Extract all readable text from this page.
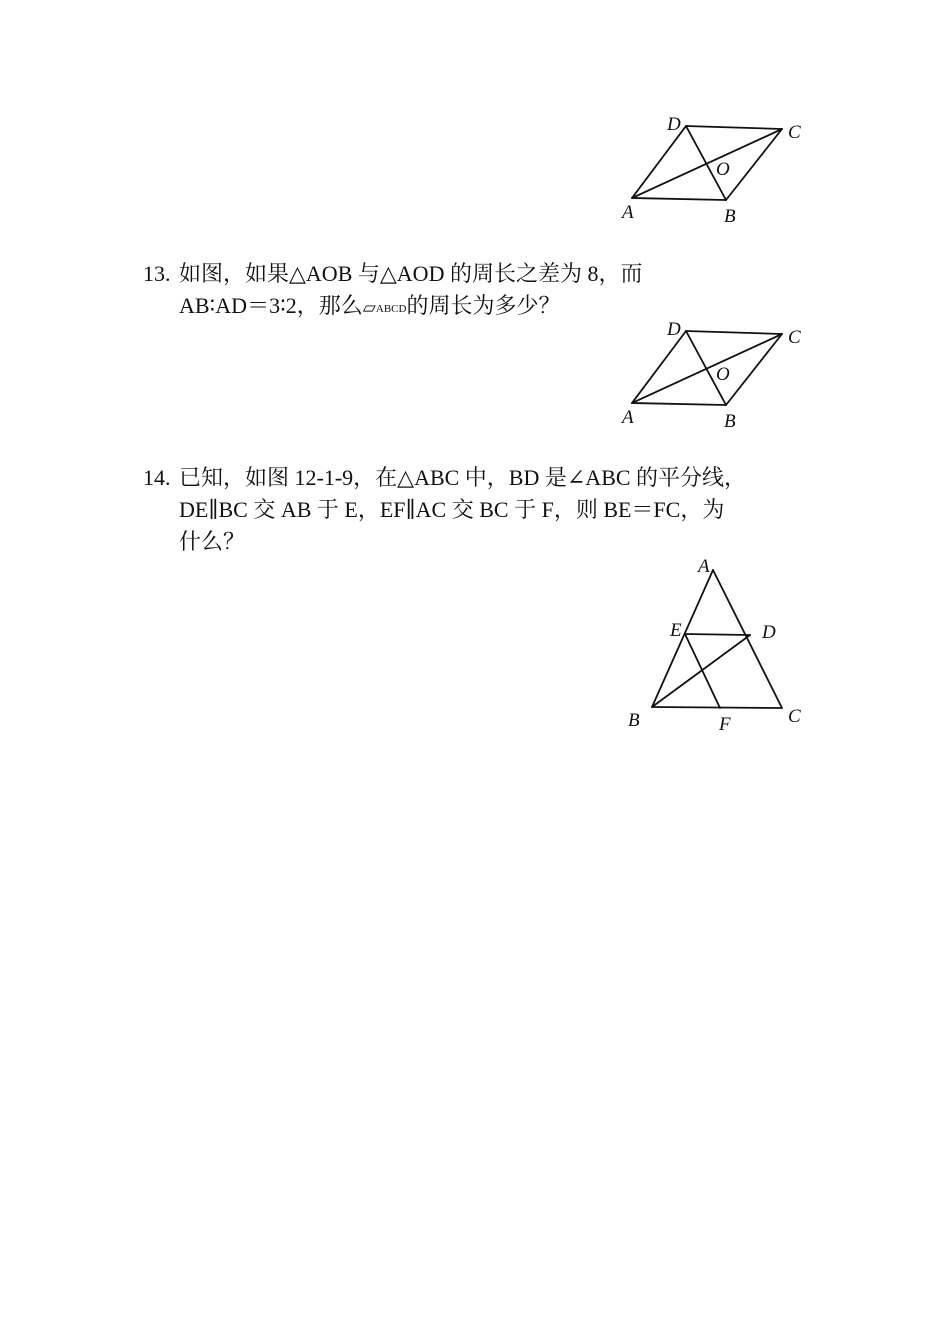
A	B
C
D
O
13. 如图，如果△AOB 与△AOD 的周长之差为 8，而
AB∶AD＝3∶2，那么▱ABCD的周长为多少？
A	B
C
D
O
14. 已知，如图 12-1-9，在△ABC 中，BD 是∠ABC 的平分线，
DE∥BC 交 AB 于 E，EF∥AC 交 BC 于 F，则 BE＝FC，为
什么？
A
B	C
D
E
F
